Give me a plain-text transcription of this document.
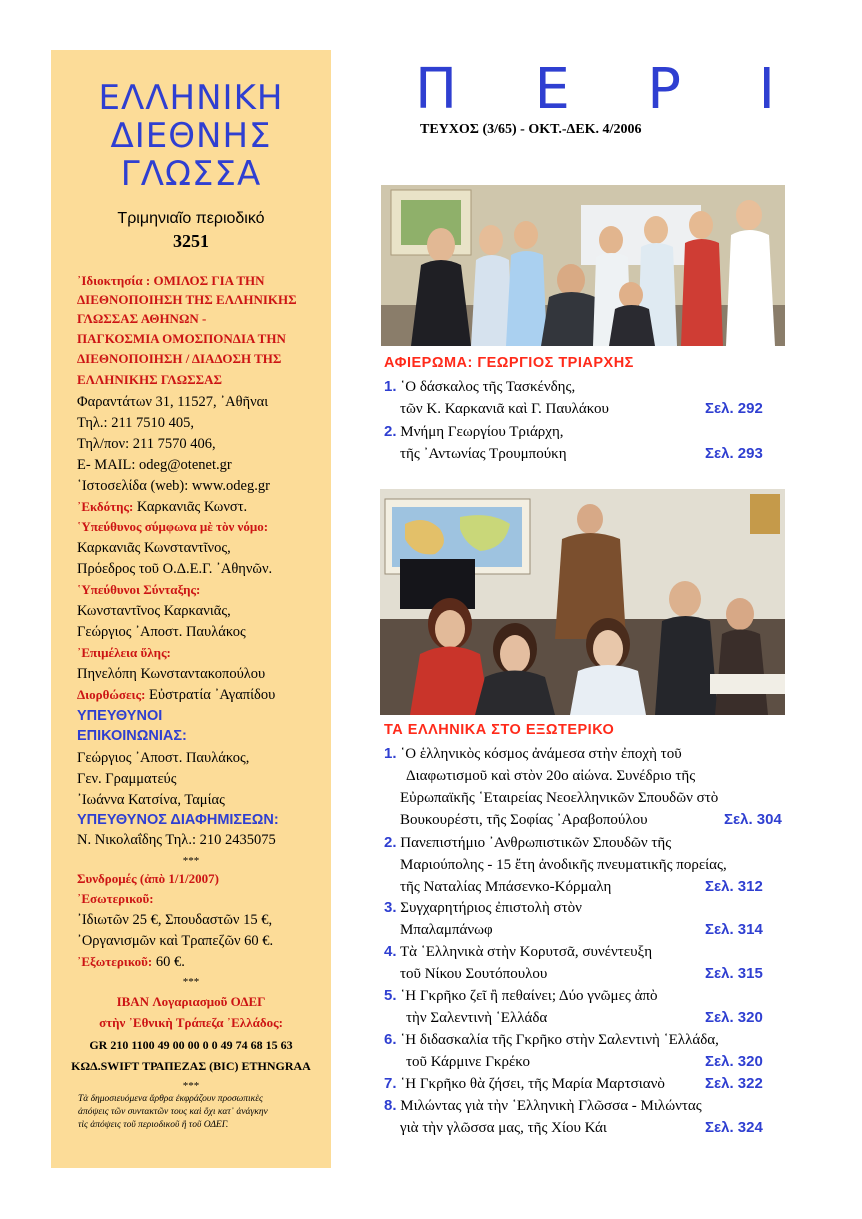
ΕΛΛΗΝΙΚΗ
ΔΙΕΘΝΗΣ
ΓΛΩΣΣΑ
Τριμηνιαῖο περιοδικό
3251
᾿Ιδιοκτησία : ΟΜΙΛΟΣ ΓΙΑ ΤΗΝ
ΔΙΕΘΝΟΠΟΙΗΣΗ ΤΗΣ ΕΛΛΗΝΙΚΗΣ
ΓΛΩΣΣΑΣ ΑΘΗΝΩΝ -
ΠΑΓΚΟΣΜΙΑ ΟΜΟΣΠΟΝΔΙΑ ΤΗΝ
ΔΙΕΘΝΟΠΟΙΗΣΗ / ΔΙΑΔΟΣΗ ΤΗΣ
ΕΛΛΗΝΙΚΗΣ ΓΛΩΣΣΑΣ
Φαραντάτων 31, 11527, ᾿Αθῆναι
Τηλ.: 211 7510 405,
Τηλ/πον: 211 7570 406,
E- MAIL: odeg@otenet.gr
῾Ιστοσελίδα (web): www.odeg.gr
᾿Εκδότης: Καρκανιᾶς Κωνστ.
῾Υπεύθυνος σύμφωνα μὲ τὸν νόμο:
Καρκανιᾶς Κωνσταντῖνος,
Πρόεδρος τοῦ Ο.Δ.Ε.Γ. ᾿Αθηνῶν.
῾Υπεύθυνοι Σύνταξης:
Κωνσταντῖνος Καρκανιᾶς,
Γεώργιος ᾿Αποστ. Παυλάκος
᾿Επιμέλεια ὕλης:
Πηνελόπη Κωνσταντακοπούλου
Διορθώσεις: Εὐστρατία ᾿Αγαπίδου
ΥΠΕΥΘΥΝΟΙ
ΕΠΙΚΟΙΝΩΝΙΑΣ:
Γεώργιος ᾿Αποστ. Παυλάκος,
Γεν. Γραμματεύς
᾿Ιωάννα Κατσίνα, Ταμίας
ΥΠΕΥΘΥΝΟΣ ΔΙΑΦΗΜΙΣΕΩΝ:
Ν. Νικολαΐδης Τηλ.: 210 2435075
***
Συνδρομές (ἀπὸ 1/1/2007)
᾿Εσωτερικοῦ:
᾿Ιδιωτῶν 25 €, Σπουδαστῶν 15 €,
᾿Οργανισμῶν καὶ Τραπεζῶν 60 €.
᾿Εξωτερικοῦ: 60 €.
***
IBAN Λογαριασμοῦ ΟΔΕΓ
στὴν ᾿Εθνικὴ Τράπεζα ᾿Ελλάδος:
GR 210 1100 49 00 00 0 0 49 74 68 15 63
ΚΩΔ.SWIFT ΤΡΑΠΕΖΑΣ (BIC) ETHNGRAA
***
Τὰ δημοσιευόμενα ἄρθρα ἐκφράζουν προσωπικὲς
ἀπόψεις τῶν συντακτῶν τους καὶ ὄχι κατ᾿ ἀνάγκην
τὶς ἀπόψεις τοῦ περιοδικοῦ ἢ τοῦ ΟΔΕΓ.
Π Ε Ρ Ι
ΤΕΥΧΟΣ (3/65) - ΟΚΤ.-ΔΕΚ. 4/2006
ΑΦΙΕΡΩΜΑ: ΓΕΩΡΓΙΟΣ ΤΡΙΑΡΧΗΣ
1. ῾Ο δάσκαλος τῆς Τασκένδης,
τῶν Κ. Καρκανιᾶ καὶ Γ. Παυλάκου	Σελ. 292
2. Μνήμη Γεωργίου Τριάρχη,
τῆς ᾿Αντωνίας Τρουμπούκη	Σελ. 293
ΤΑ ΕΛΛΗΝΙΚΑ ΣΤΟ ΕΞΩΤΕΡΙΚΟ
1. ῾Ο ἑλληνικὸς κόσμος ἀνάμεσα στὴν ἐποχὴ τοῦ
Διαφωτισμοῦ καὶ στὸν 20ο αἰώνα. Συνέδριο τῆς
Εὐρωπαϊκῆς ῾Εταιρείας Νεοελληνικῶν Σπουδῶν στὸ
Βουκουρέστι, τῆς Σοφίας ᾿Αραβοπούλου	Σελ. 304
2. Πανεπιστήμιο ᾿Ανθρωπιστικῶν Σπουδῶν τῆς
Μαριούπολης - 15 ἔτη ἀνοδικῆς πνευματικῆς πορείας,
τῆς Ναταλίας Μπάσενκο-Κόρμαλη	Σελ. 312
3. Συγχαρητήριος ἐπιστολὴ στὸν
Μπαλαμπάνωφ	Σελ. 314
4. Τὰ ῾Ελληνικὰ στὴν Κορυτσᾶ, συνέντευξη
τοῦ Νίκου Σουτόπουλου	Σελ. 315
5. ῾Η Γκρῆκο ζεῖ ἢ πεθαίνει; Δύο γνῶμες ἀπὸ
τὴν Σαλεντινὴ ῾Ελλάδα	Σελ. 320
6. ῾Η διδασκαλία τῆς Γκρῆκο στὴν Σαλεντινὴ ῾Ελλάδα,
τοῦ Κάρμινε Γκρέκο	Σελ. 320
7. ῾Η Γκρῆκο θὰ ζήσει, τῆς Μαρία Μαρτσιανὸ	Σελ. 322
8. Μιλώντας γιὰ τὴν ῾Ελληνικὴ Γλῶσσα - Μιλώντας
γιὰ τὴν γλῶσσα μας, τῆς Χίου Κάι	Σελ. 324
